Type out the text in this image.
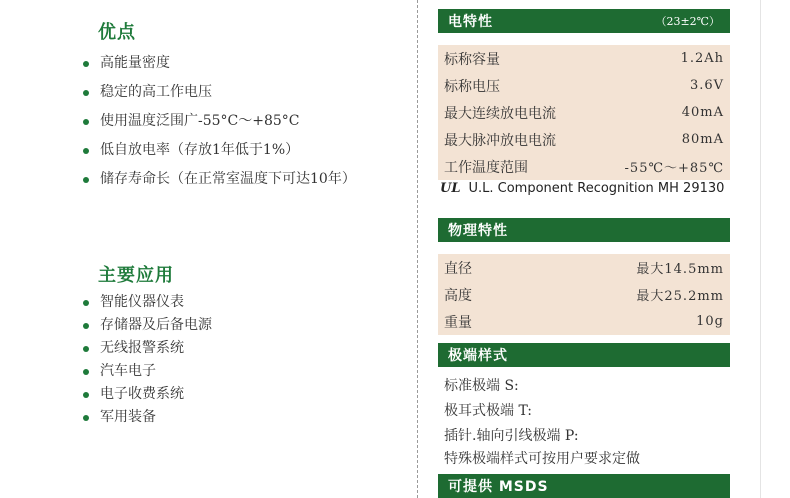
优点
高能量密度
稳定的高工作电压
使用温度泛围广-55°C～+85°C
低自放电率（存放1年低于1%）
储存寿命长（在正常室温度下可达10年）
主要应用
智能仪器仪表
存储器及后备电源
无线报警系统
汽车电子
电子收费系统
军用装备
电特性	（23±2℃）
标称容量	1.2Ah
标称电压	3.6V
最大连续放电电流	40mA
最大脉冲放电电流	80mA
工作温度范围	-55℃～+85℃
UL U.L. Component Recognition MH 29130
物理特性
直径	最大14.5mm
高度	最大25.2mm
重量	10g
极端样式
标准极端 S:
极耳式极端 T:
插针.轴向引线极端 P:
特殊极端样式可按用户要求定做
可提供 MSDS
